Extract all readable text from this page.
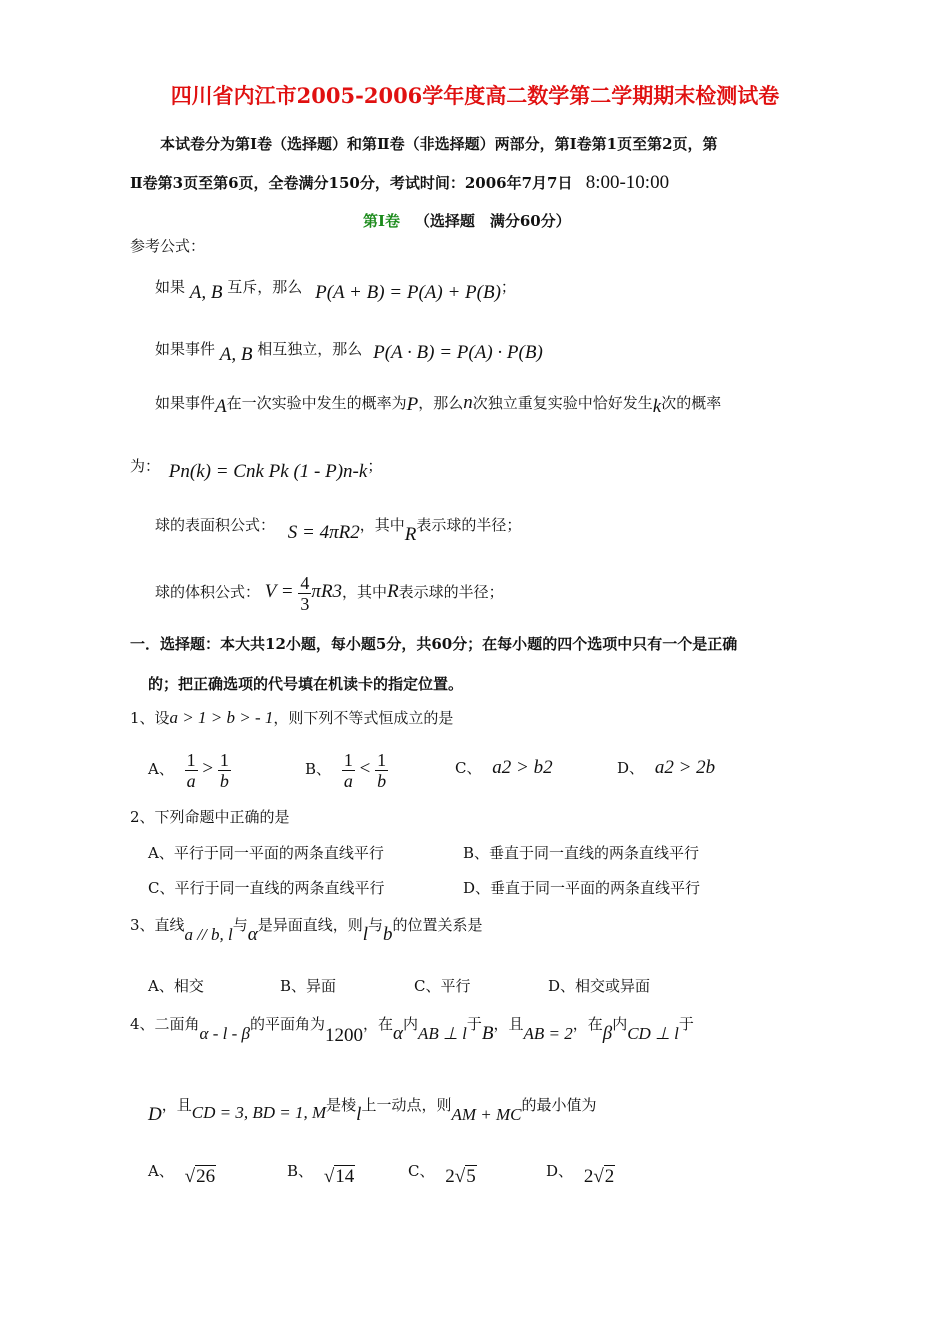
四川省内江市2005-2006学年度高二数学第二学期期末检测试卷
本试卷分为第Ⅰ卷（选择题）和第Ⅱ卷（非选择题）两部分，第Ⅰ卷第1页至第2页，第
Ⅱ卷第3页至第6页，全卷满分150分，考试时间：2006年7月7日 8:00-10:00
第Ⅰ卷 （选择题　满分60分）
参考公式：
如果 A, B 互斥，那么 P(A + B) = P(A) + P(B)；
如果事件 A, B 相互独立，那么 P(A · B) = P(A) · P(B)
如果事件A在一次实验中发生的概率为P，那么n次独立重复实验中恰好发生k次的概率
为： Pn(k) = Cnk Pk (1 - P)n-k；
球的表面积公式： S = 4πR2，其中R表示球的半径；
球的体积公式： $V = \frac{4}{3} \pi R3$，其中R表示球的半径；
一．选择题：本大共12小题，每小题5分，共60分；在每小题的四个选项中只有一个是正确
的；把正确选项的代号填在机读卡的指定位置。
1、设a > 1 > b > - 1，则下列不等式恒成立的是
A、 $\frac{1}{a} > \frac{1}{b}$	B、 $\frac{1}{a} < \frac{1}{b}$	C、 a2 > b2	D、 a2 > 2b
2、下列命题中正确的是
A、平行于同一平面的两条直线平行	B、垂直于同一直线的两条直线平行
C、平行于同一直线的两条直线平行	D、垂直于同一平面的两条直线平行
3、直线a // b, l与α是异面直线，则l与b的位置关系是
A、相交	B、异面	C、平行	D、相交或异面
4、二面角α - l - β的平面角为1200，在α内AB ⊥ l于B，且AB = 2，在β内CD ⊥ l于
D，且CD = 3, BD = 1, M是棱l上一动点，则AM + MC的最小值为
A、 √26	B、 √14	C、 2√5	D、 2√2
